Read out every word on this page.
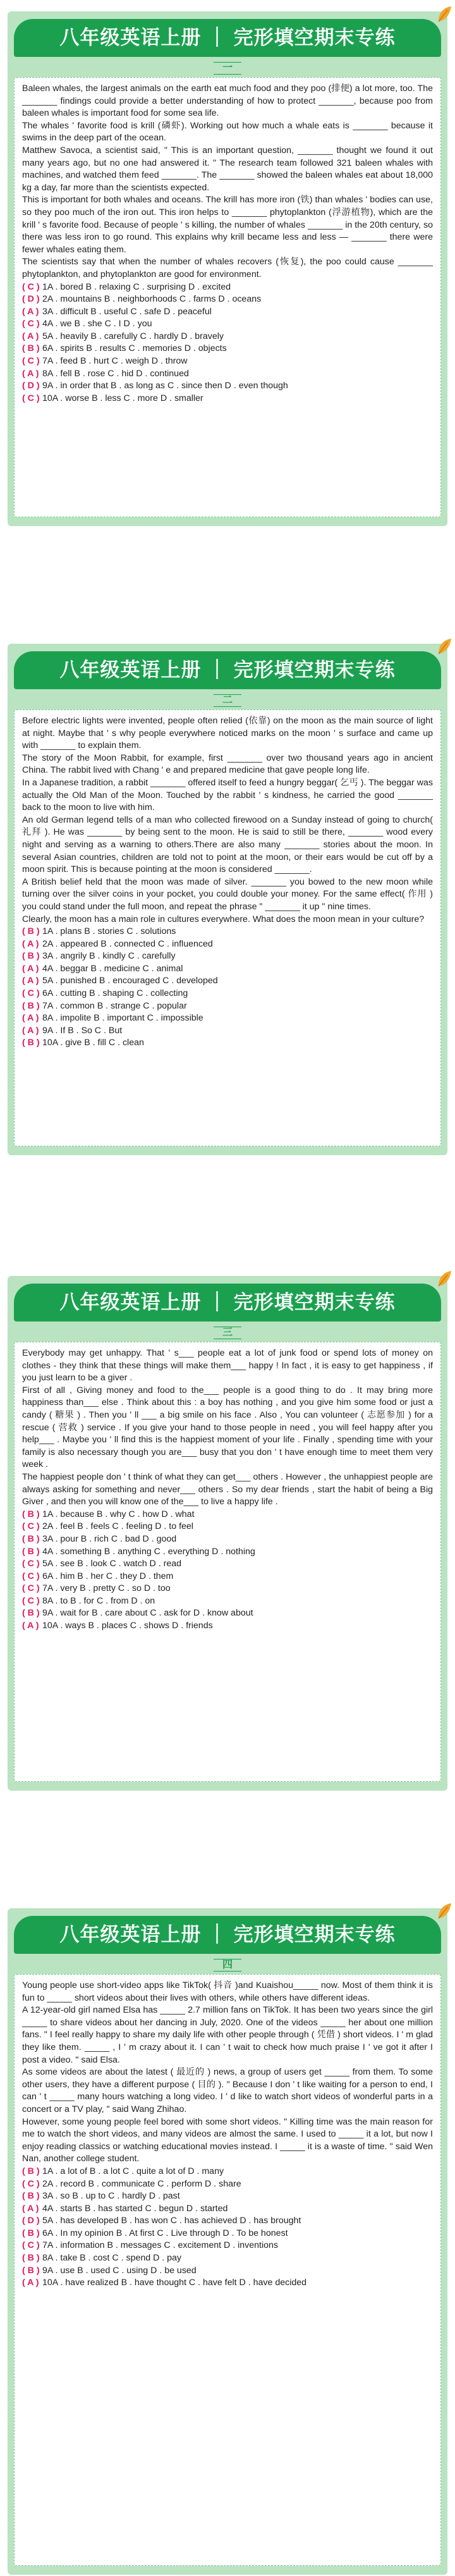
八年级英语上册 ｜ 完形填空期末专练
一

Baleen whales, the largest animals on the earth eat much food and they poo (排便) a lot more, too. The _______ findings could provide a better understanding of how to protect _______, because poo from baleen whales is important food for some sea life.

The whales ' favorite food is krill (磷虾). Working out how much a whale eats is _______ because it swims in the deep part of the ocean.

Matthew Savoca, a scientist said, " This is an important question, _______ thought we found it out many years ago, but no one had answered it. " The research team followed 321 baleen whales with machines, and watched them feed _______. The _______ showed the baleen whales eat about 18,000 kg a day, far more than the scientists expected.

This is important for both whales and oceans. The krill has more iron (铁) than whales ' bodies can use, so they poo much of the iron out. This iron helps to _______ phytoplankton (浮游植物), which are the krill ' s favorite food. Because of people ' s killing, the number of whales _______ in the 20th century, so there was less iron to go round. This explains why krill became less and less — _______ there were fewer whales eating them.

The scientists say that when the number of whales recovers (恢复), the poo could cause _______ phytoplankton, and phytoplankton are good for environment.

( C ) 1A . bored B . relaxing C . surprising D . excited
( D ) 2A . mountains B . neighborhoods C . farms D . oceans
( A ) 3A . difficult B . useful C . safe D . peaceful
( C ) 4A . we B . she C . I D . you
( A ) 5A . heavily B . carefully C . hardly D . bravely
( B ) 6A . spirits B . results C . memories D . objects
( C ) 7A . feed B . hurt C . weigh D . throw
( A ) 8A . fell B . rose C . hid D . continued
( D ) 9A . in order that B . as long as C . since then D . even though
( C ) 10A . worse B . less C . more D . smaller
八年级英语上册 ｜ 完形填空期末专练
二

Before electric lights were invented, people often relied (依靠) on the moon as the main source of light at night. Maybe that ' s why people everywhere noticed marks on the moon ' s surface and came up with _______ to explain them.

The story of the Moon Rabbit, for example, first _______ over two thousand years ago in ancient China. The rabbit lived with Chang ' e and prepared medicine that gave people long life.

In a Japanese tradition, a rabbit _______ offered itself to feed a hungry beggar( 乞丐 ). The beggar was actually the Old Man of the Moon. Touched by the rabbit ' s kindness, he carried the good _______ back to the moon to live with him.

An old German legend tells of a man who collected firewood on a Sunday instead of going to church( 礼拜 ). He was _______ by being sent to the moon. He is said to still be there, _______ wood every night and serving as a warning to others.There are also many _______ stories about the moon. In several Asian countries, children are told not to point at the moon, or their ears would be cut off by a moon spirit. This is because pointing at the moon is considered _______.

A British belief held that the moon was made of silver. _______ you bowed to the new moon while turning over the silver coins in your pocket, you could double your money. For the same effect( 作用 ) you could stand under the full moon, and repeat the phrase " _______ it up " nine times.

Clearly, the moon has a main role in cultures everywhere. What does the moon mean in your culture?

( B ) 1A . plans B . stories C . solutions
( A ) 2A . appeared B . connected C . influenced
( B ) 3A . angrily B . kindly C . carefully
( A ) 4A . beggar B . medicine C . animal
( A ) 5A . punished B . encouraged C . developed
( C ) 6A . cutting B . shaping C . collecting
( B ) 7A . common B . strange C . popular
( A ) 8A . impolite B . important C . impossible
( A ) 9A . If B . So C . But
( B ) 10A . give B . fill C . clean
八年级英语上册 ｜ 完形填空期末专练
三

Everybody may get unhappy. That ' s___ people eat a lot of junk food or spend lots of money on clothes - they think that these things will make them___ happy ! In fact , it is easy to get happiness , if you just learn to be a giver .

First of all , Giving money and food to the___ people is a good thing to do . It may bring more happiness than___ else . Think about this : a boy has nothing , and you give him some food or just a candy ( 糖果 ) . Then you ' ll ___ a big smile on his face . Also , You can volunteer ( 志愿参加 ) for a rescue ( 营救 ) service . If you give your hand to those people in need , you will feel happy after you help___ . Maybe you ' ll find this is the happiest moment of your life . Finally , spending time with your family is also necessary though you are___ busy that you don ' t have enough time to meet them very week .

The happiest people don ' t think of what they can get___ others . However , the unhappiest people are always asking for something and never___ others . So my dear friends , start the habit of being a Big Giver , and then you will know one of the___ to live a happy life .

( B ) 1A . because B . why C . how D . what
( C ) 2A . feel B . feels C . feeling D . to feel
( B ) 3A . pour B . rich C . bad D . good
( B ) 4A . something B . anything C . everything D . nothing
( C ) 5A . see B . look C . watch D . read
( C ) 6A . him B . her C . they D . them
( C ) 7A . very B . pretty C . so D . too
( C ) 8A . to B . for C . from D . on
( B ) 9A . wait for B . care about C . ask for D . know about
( A ) 10A . ways B . places C . shows D . friends
八年级英语上册 ｜ 完形填空期末专练
四

Young people use short-video apps like TikTok( 抖音 )and Kuaishou_____ now. Most of them think it is fun to _____ short videos about their lives with others, while others have different ideas.

A 12-year-old girl named Elsa has _____ 2.7 million fans on TikTok. It has been two years since the girl _____ to share videos about her dancing in July, 2020. One of the videos _____ her about one million fans. " I feel really happy to share my daily life with other people through ( 凭借 ) short videos. I ' m glad they like them. _____ , I ' m crazy about it. I can ' t wait to check how much praise I ' ve got it after I post a video. " said Elsa.

As some videos are about the latest ( 最近的 ) news, a group of users get _____ from them. To some other users, they have a different purpose ( 目的 ). " Because I don ' t like waiting for a person to end, I can ' t _____ many hours watching a long video. I ' d like to watch short videos of wonderful parts in a concert or a TV play, " said Wang Zhihao.

However, some young people feel bored with some short videos. " Killing time was the main reason for me to watch the short videos, and many videos are almost the same. I used to _____ it a lot, but now I enjoy reading classics or watching educational movies instead. I _____ it is a waste of time. " said Wen Nan, another college student.

( B ) 1A . a lot of B . a lot C . quite a lot of D . many
( C ) 2A . record B . communicate C . perform D . share
( B ) 3A . so B . up to C . hardly D . past
( A ) 4A . starts B . has started C . begun D . started
( D ) 5A . has developed B . has won C . has achieved D . has brought
( B ) 6A . In my opinion B . At first C . Live through D . To be honest
( C ) 7A . information B . messages C . excitement D . inventions
( B ) 8A . take B . cost C . spend D . pay
( B ) 9A . use B . used C . using D . be used
( A ) 10A . have realized B . have thought C . have felt D . have decided
